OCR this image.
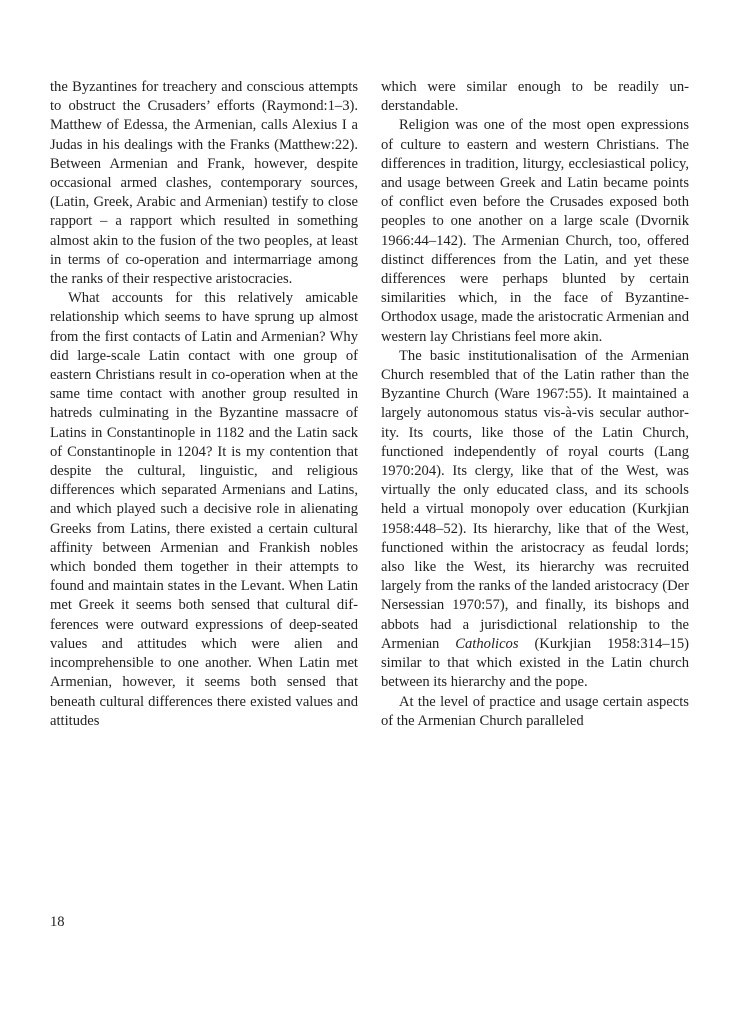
the Byzantines for treachery and conscious attempts to obstruct the Crusaders’ efforts (Raymond:1–3). Matthew of Edessa, the Armenian, calls Alexius I a Judas in his dealings with the Franks (Matthew:22). Between Armenian and Frank, however, despite occasional armed clashes, contemporary sources, (Latin, Greek, Arabic and Armenian) testify to close rapport – a rapport which resulted in something almost akin to the fusion of the two peoples, at least in terms of co-operation and intermarriage among the ranks of their respective aristocracies.

What accounts for this relatively amicable relationship which seems to have sprung up almost from the first contacts of Latin and Armenian? Why did large-scale Latin contact with one group of eastern Christians result in co-operation when at the same time contact with another group resulted in hatreds culminating in the Byzantine massacre of Latins in Constantinople in 1182 and the Latin sack of Constantinople in 1204? It is my contention that despite the cultural, linguistic, and religious differences which separated Armenians and Latins, and which played such a decisive role in alienating Greeks from Latins, there existed a certain cultural affinity between Armenian and Frankish nobles which bonded them together in their attempts to found and maintain states in the Levant. When Latin met Greek it seems both sensed that cultural differences were outward expressions of deep-seated values and attitudes which were alien and incomprehensible to one another. When Latin met Armenian, however, it seems both sensed that beneath cultural differences there existed values and attitudes

which were similar enough to be readily understandable.

Religion was one of the most open expressions of culture to eastern and western Christians. The differences in tradition, liturgy, ecclesiastical policy, and usage between Greek and Latin became points of conflict even before the Crusades exposed both peoples to one another on a large scale (Dvornik 1966:44–142). The Armenian Church, too, offered distinct differences from the Latin, and yet these differences were perhaps blunted by certain similarities which, in the face of Byzantine-Orthodox usage, made the aristocratic Armenian and western lay Christians feel more akin.

The basic institutionalisation of the Armenian Church resembled that of the Latin rather than the Byzantine Church (Ware 1967:55). It maintained a largely autonomous status vis-à-vis secular authority. Its courts, like those of the Latin Church, functioned independently of royal courts (Lang 1970:204). Its clergy, like that of the West, was virtually the only educated class, and its schools held a virtual monopoly over education (Kurkjian 1958:448–52). Its hierarchy, like that of the West, functioned within the aristocracy as feudal lords; also like the West, its hierarchy was recruited largely from the ranks of the landed aristocracy (Der Nersessian 1970:57), and finally, its bishops and abbots had a jurisdictional relationship to the Armenian Catholicos (Kurkjian 1958:314–15) similar to that which existed in the Latin church between its hierarchy and the pope.

At the level of practice and usage certain aspects of the Armenian Church paralleled

18
